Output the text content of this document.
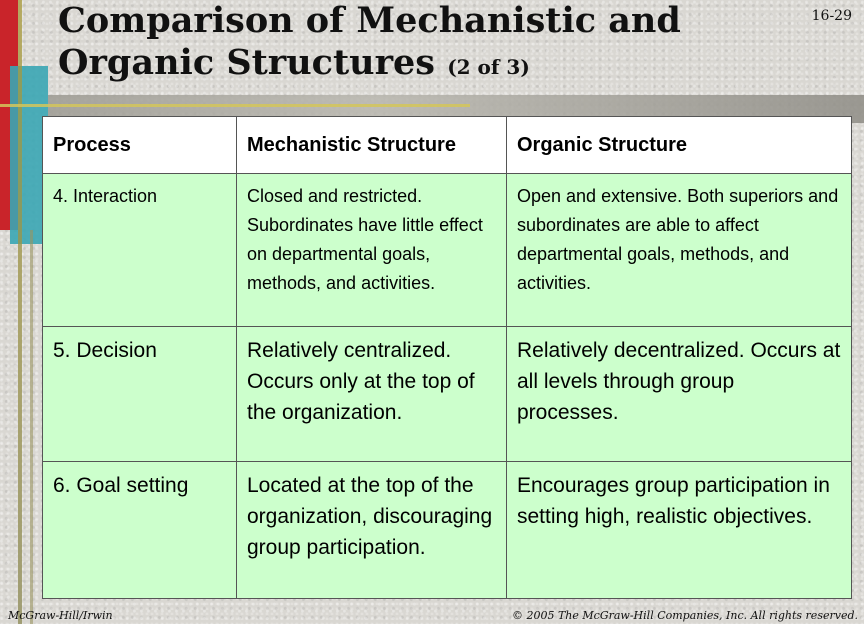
Comparison of Mechanistic and Organic Structures (2 of 3)
16-29
Process	Mechanistic Structure	Organic Structure
4. Interaction	Closed and restricted. Subordinates have little effect on departmental goals, methods, and activities.	Open and extensive. Both superiors and subordinates are able to affect departmental goals, methods, and activities.
5. Decision	Relatively centralized. Occurs only at the top of the organization.	Relatively decentralized. Occurs at all levels through group processes.
6. Goal setting	Located at the top of the organization, discouraging group participation.	Encourages group participation in setting high, realistic objectives.
McGraw-Hill/Irwin	© 2005 The McGraw-Hill Companies, Inc. All rights reserved.
